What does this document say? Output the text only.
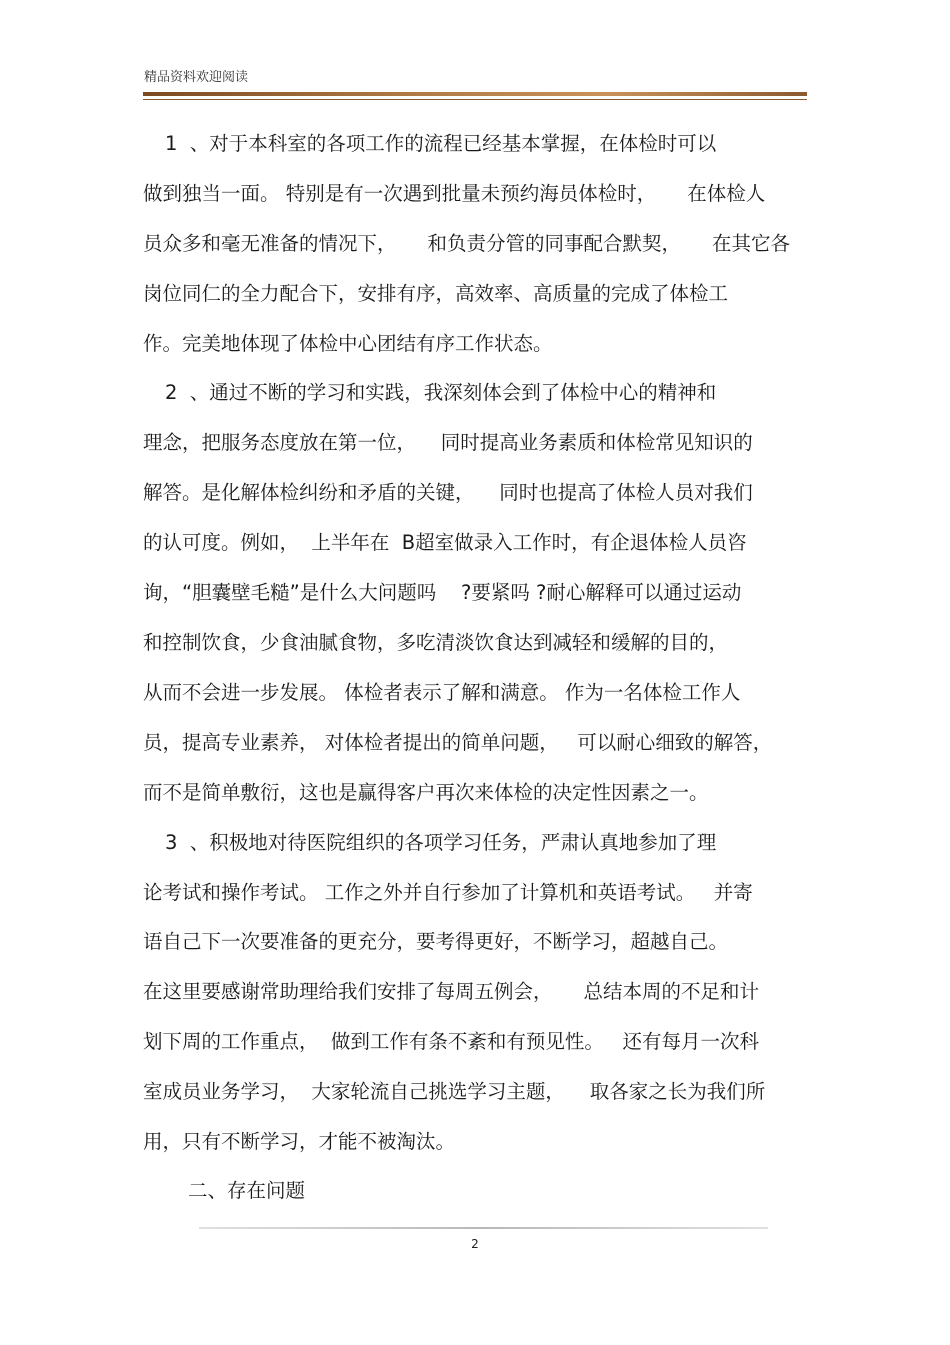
精品资料欢迎阅读
1  、对于本科室的各项工作的流程已经基本掌握，在体检时可以
做到独当一面。 特别是有一次遇到批量未预约海员体检时，     在体检人
员众多和毫无准备的情况下，     和负责分管的同事配合默契，     在其它各
岗位同仁的全力配合下，安排有序，高效率、高质量的完成了体检工
作。完美地体现了体检中心团结有序工作状态。
2  、通过不断的学习和实践，我深刻体会到了体检中心的精神和
理念，把服务态度放在第一位，    同时提高业务素质和体检常见知识的
解答。是化解体检纠纷和矛盾的关键，    同时也提高了体检人员对我们
的认可度。例如，  上半年在  B超室做录入工作时，有企退体检人员咨
询，“胆囊壁毛糙”是什么大问题吗    ?要紧吗 ?耐心解释可以通过运动
和控制饮食，少食油腻食物，多吃清淡饮食达到减轻和缓解的目的，
从而不会进一步发展。 体检者表示了解和满意。 作为一名体检工作人
员，提高专业素养， 对体检者提出的简单问题，   可以耐心细致的解答，
而不是简单敷衍，这也是赢得客户再次来体检的决定性因素之一。
3  、积极地对待医院组织的各项学习任务，严肃认真地参加了理
论考试和操作考试。 工作之外并自行参加了计算机和英语考试。   并寄
语自己下一次要准备的更充分，要考得更好，不断学习，超越自己。
在这里要感谢常助理给我们安排了每周五例会，     总结本周的不足和计
划下周的工作重点，  做到工作有条不紊和有预见性。   还有每月一次科
室成员业务学习，  大家轮流自己挑选学习主题，    取各家之长为我们所
用，只有不断学习，才能不被淘汰。
二、存在问题
2
